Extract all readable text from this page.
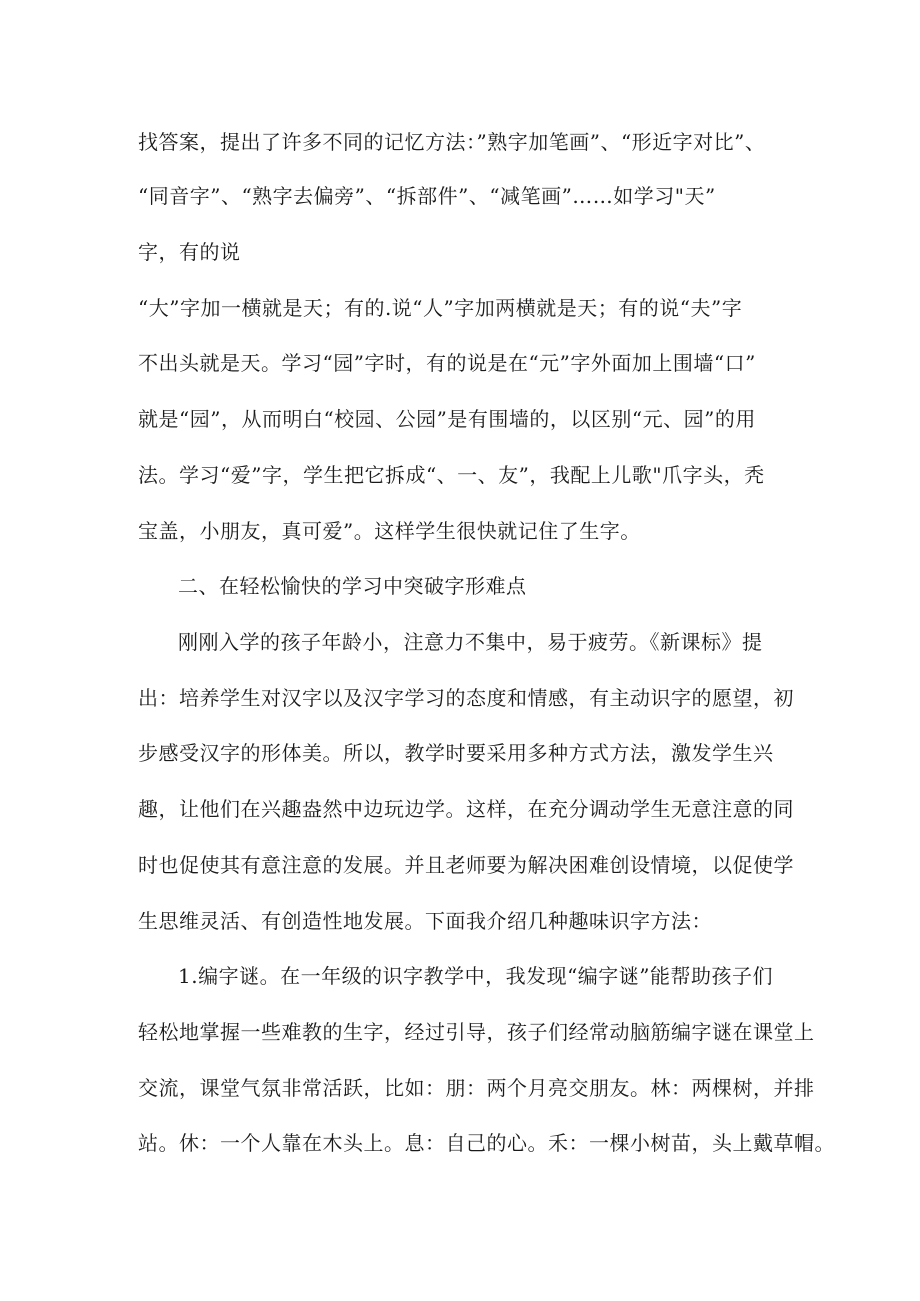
找答案，提出了许多不同的记忆方法：”熟字加笔画”、“形近字对比”、
“同音字”、“熟字去偏旁”、“拆部件”、“减笔画”……如学习"天”
字，有的说
“大”字加一横就是天；有的.说“人”字加两横就是天；有的说“夫”字
不出头就是天。学习“园”字时，有的说是在“元”字外面加上围墙“口”
就是“园”，从而明白“校园、公园”是有围墙的，以区别“元、园”的用
法。学习“爱”字，学生把它拆成“、一、友”，我配上儿歌"爪字头，秃
宝盖，小朋友，真可爱”。这样学生很快就记住了生字。
二、在轻松愉快的学习中突破字形难点
刚刚入学的孩子年龄小，注意力不集中，易于疲劳。《新课标》提
出：培养学生对汉字以及汉字学习的态度和情感，有主动识字的愿望，初
步感受汉字的形体美。所以，教学时要采用多种方式方法，激发学生兴
趣，让他们在兴趣盎然中边玩边学。这样，在充分调动学生无意注意的同
时也促使其有意注意的发展。并且老师要为解决困难创设情境，以促使学
生思维灵活、有创造性地发展。下面我介绍几种趣味识字方法：
1.编字谜。在一年级的识字教学中，我发现“编字谜”能帮助孩子们
轻松地掌握一些难教的生字，经过引导，孩子们经常动脑筋编字谜在课堂上
交流，课堂气氛非常活跃，比如：朋：两个月亮交朋友。林：两棵树，并排
站。休：一个人靠在木头上。息：自己的心。禾：一棵小树苗，头上戴草帽。
